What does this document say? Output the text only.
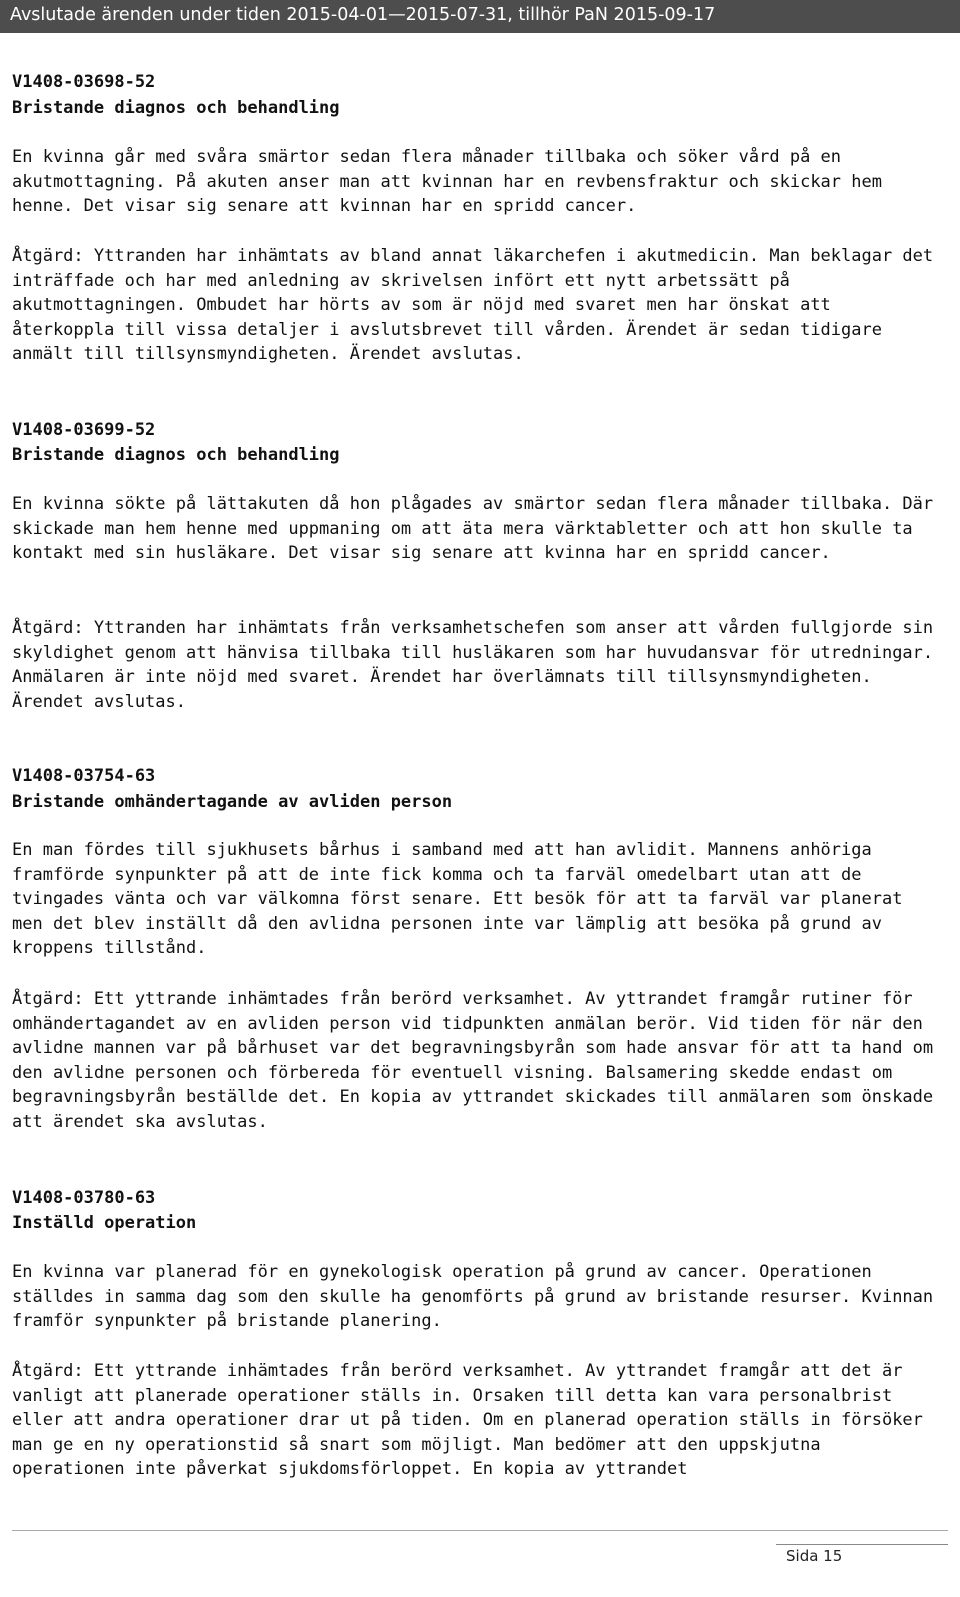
Avslutade ärenden under tiden 2015-04-01—2015-07-31, tillhör PaN 2015-09-17
V1408-03698-52
Bristande diagnos och behandling

En kvinna går med svåra smärtor sedan flera månader tillbaka och söker vård på en akutmottagning. På akuten anser man att kvinnan har en revbensfraktur och skickar hem henne. Det visar sig senare att kvinnan har en spridd cancer.

Åtgärd: Yttranden har inhämtats av bland annat läkarchefen i akutmedicin. Man beklagar det inträffade och har med anledning av skrivelsen infört ett nytt arbetssätt på akutmottagningen. Ombudet har hörts av som är nöjd med svaret men har önskat att återkoppla till vissa detaljer i avslutsbrevet till vården. Ärendet är sedan tidigare anmält till tillsynsmyndigheten. Ärendet avslutas.

V1408-03699-52
Bristande diagnos och behandling

En kvinna sökte på lättakuten då hon plågades av smärtor sedan flera månader tillbaka. Där skickade man hem henne med uppmaning om att äta mera värktabletter och att hon skulle ta kontakt med sin husläkare. Det visar sig senare att kvinna har en spridd cancer.

Åtgärd: Yttranden har inhämtats från verksamhetschefen som anser att vården fullgjorde sin skyldighet genom att hänvisa tillbaka till husläkaren som har huvudansvar för utredningar. Anmälaren är inte nöjd med svaret. Ärendet har överlämnats till tillsynsmyndigheten. Ärendet avslutas.

V1408-03754-63
Bristande omhändertagande av avliden person

En man fördes till sjukhusets bårhus i samband med att han avlidit. Mannens anhöriga framförde synpunkter på att de inte fick komma och ta farväl omedelbart utan att de tvingades vänta och var välkomna först senare. Ett besök för att ta farväl var planerat men det blev inställt då den avlidna personen inte var lämplig att besöka på grund av kroppens tillstånd.

Åtgärd: Ett yttrande inhämtades från berörd verksamhet. Av yttrandet framgår rutiner för omhändertagandet av en avliden person vid tidpunkten anmälan berör. Vid tiden för när den avlidne mannen var på bårhuset var det begravningsbyrån som hade ansvar för att ta hand om den avlidne personen och förbereda för eventuell visning. Balsamering skedde endast om begravningsbyrån beställde det. En kopia av yttrandet skickades till anmälaren som önskade att ärendet ska avslutas.

V1408-03780-63
Inställd operation

En kvinna var planerad för en gynekologisk operation på grund av cancer. Operationen ställdes in samma dag som den skulle ha genomförts på grund av bristande resurser. Kvinnan framför synpunkter på bristande planering.

Åtgärd: Ett yttrande inhämtades från berörd verksamhet. Av yttrandet framgår att det är vanligt att planerade operationer ställs in. Orsaken till detta kan vara personalbrist eller att andra operationer drar ut på tiden. Om en planerad operation ställs in försöker man ge en ny operationstid så snart som möjligt. Man bedömer att den uppskjutna operationen inte påverkat sjukdomsförloppet. En kopia av yttrandet

Sida 15
